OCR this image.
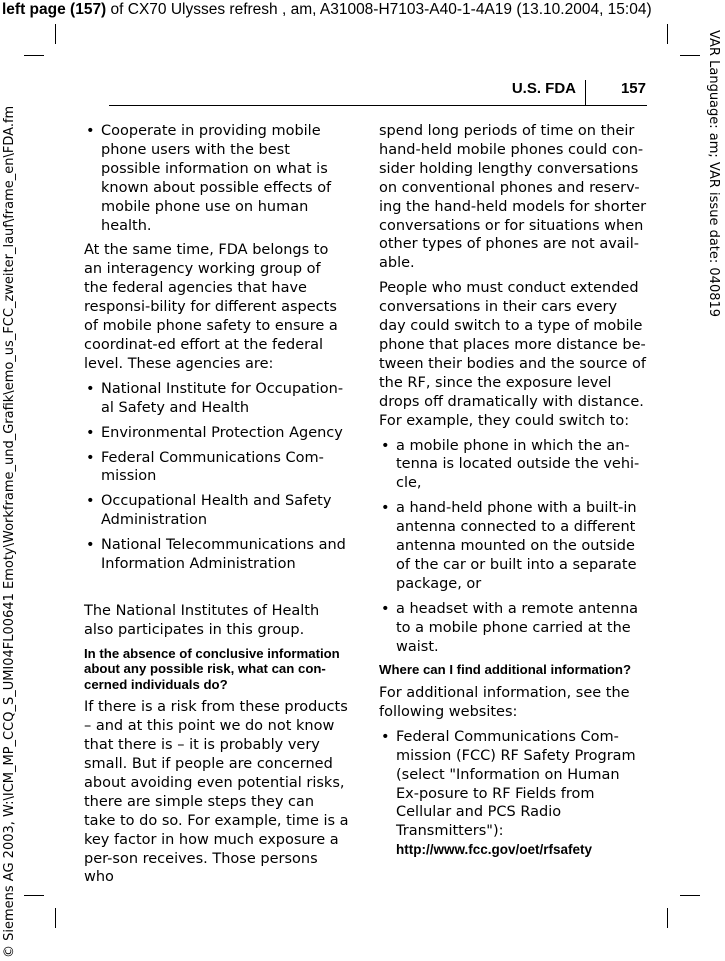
left page (157) of CX70 Ulysses refresh , am, A31008-H7103-A40-1-4A19 (13.10.2004, 15:04)
U.S. FDA	157
• Cooperate in providing mobile phone users with the best possible information on what is known about possible effects of mobile phone use on human health.

At the same time, FDA belongs to an interagency working group of the federal agencies that have responsi-bility for different aspects of mobile phone safety to ensure a coordinat-ed effort at the federal level. These agencies are:

• National Institute for Occupation-al Safety and Health
• Environmental Protection Agency
• Federal Communications Com-mission
• Occupational Health and Safety Administration
• National Telecommunications and Information Administration

The National Institutes of Health also participates in this group.

In the absence of conclusive information about any possible risk, what can con-cerned individuals do?

If there is a risk from these products – and at this point we do not know that there is – it is probably very small. But if people are concerned about avoiding even potential risks, there are simple steps they can take to do so. For example, time is a key factor in how much exposure a per-son receives. Those persons who

spend long periods of time on their hand-held mobile phones could con-sider holding lengthy conversations on conventional phones and reserv-ing the hand-held models for shorter conversations or for situations when other types of phones are not avail-able.

People who must conduct extended conversations in their cars every day could switch to a type of mobile phone that places more distance be-tween their bodies and the source of the RF, since the exposure level drops off dramatically with distance. For example, they could switch to:

• a mobile phone in which the an-tenna is located outside the vehi-cle,
• a hand-held phone with a built-in antenna connected to a different antenna mounted on the outside of the car or built into a separate package, or
• a headset with a remote antenna to a mobile phone carried at the waist.
Where can I find additional information?

For additional information, see the following websites:

• Federal Communications Com-mission (FCC) RF Safety Program (select "Information on Human Ex-posure to RF Fields from Cellular and PCS Radio Transmitters"):
http://www.fcc.gov/oet/rfsafety
VAR Language: am; VAR issue date: 040819
© Siemens AG 2003, W:\ICM_MP_CCQ_S_UMI04FL00641 Emoty\Workframe_und_Grafik\emo_us_FCC_zweiter_lauf\frame_en\FDA.fm
